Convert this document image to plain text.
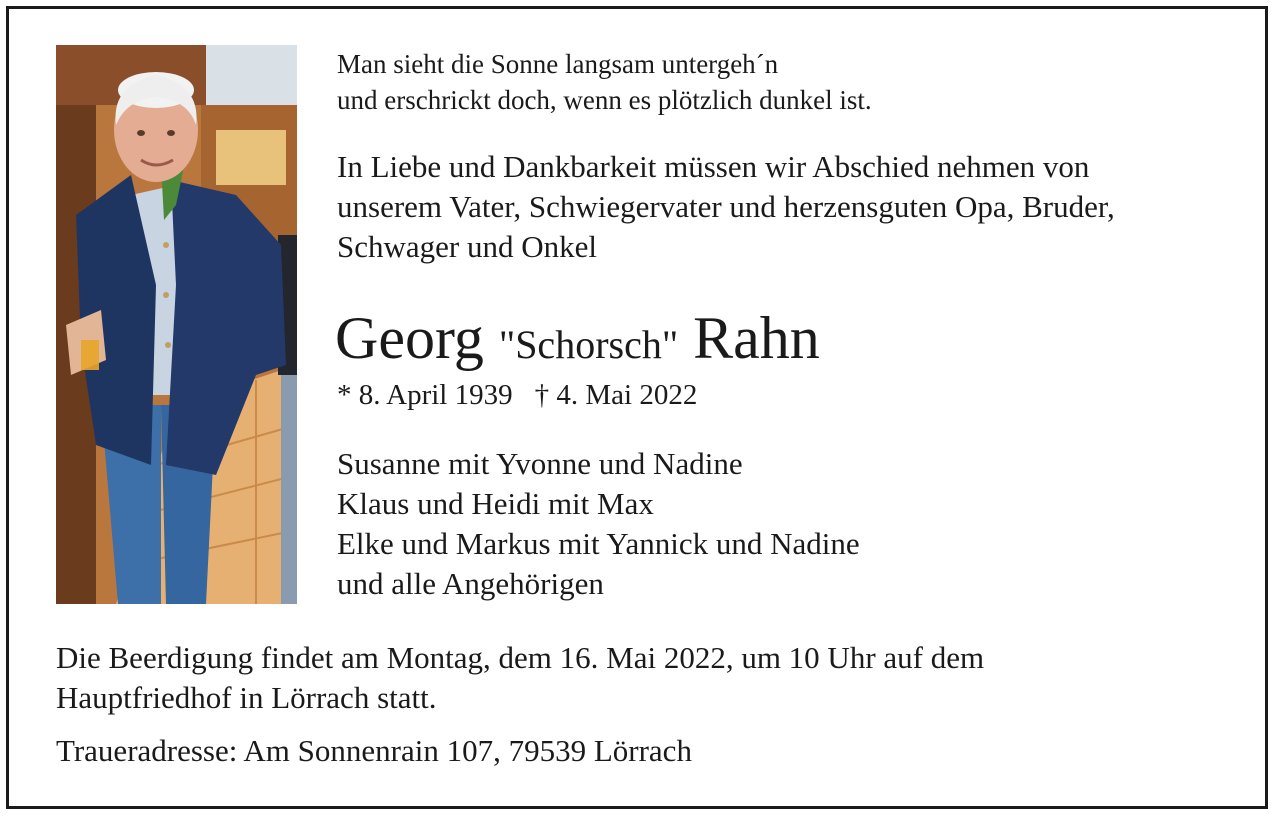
Man sieht die Sonne langsam untergeh´n
und erschrickt doch, wenn es plötzlich dunkel ist.
In Liebe und Dankbarkeit müssen wir Abschied nehmen von
unserem Vater, Schwiegervater und herzensguten Opa, Bruder,
Schwager und Onkel
Georg "Schorsch" Rahn
* 8. April 1939 † 4. Mai 2022
Susanne mit Yvonne und Nadine
Klaus und Heidi mit Max
Elke und Markus mit Yannick und Nadine
und alle Angehörigen
Die Beerdigung findet am Montag, dem 16. Mai 2022, um 10 Uhr auf dem
Hauptfriedhof in Lörrach statt.
Traueradresse: Am Sonnenrain 107, 79539 Lörrach
